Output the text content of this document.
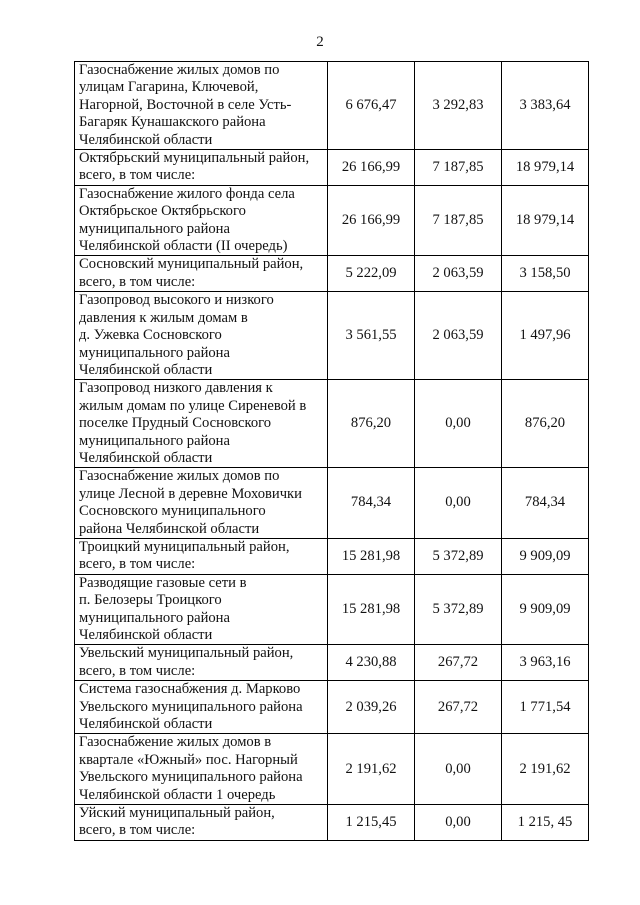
2
Газоснабжение жилых домов по
улицам Гагарина, Ключевой,
Нагорной, Восточной в селе Усть-
Багаряк Кунашакского района
Челябинской области	6 676,47	3 292,83	3 383,64

Октябрьский муниципальный район,
всего, в том числе:	26 166,99	7 187,85	18 979,14

Газоснабжение жилого фонда села
Октябрьское Октябрьского
муниципального района
Челябинской области (II очередь)	26 166,99	7 187,85	18 979,14

Сосновский муниципальный район,
всего, в том числе:	5 222,09	2 063,59	3 158,50

Газопровод высокого и низкого
давления к жилым домам в
д. Ужевка Сосновского
муниципального района
Челябинской области	3 561,55	2 063,59	1 497,96

Газопровод низкого давления к
жилым домам по улице Сиреневой в
поселке Прудный Сосновского
муниципального района
Челябинской области	876,20	0,00	876,20

Газоснабжение жилых домов по
улице Лесной в деревне Моховички
Сосновского муниципального
района Челябинской области	784,34	0,00	784,34

Троицкий муниципальный район,
всего, в том числе:	15 281,98	5 372,89	9 909,09

Разводящие газовые сети в
п. Белозеры Троицкого
муниципального района
Челябинской области	15 281,98	5 372,89	9 909,09

Увельский муниципальный район,
всего, в том числе:	4 230,88	267,72	3 963,16

Система газоснабжения д. Марково
Увельского муниципального района
Челябинской области	2 039,26	267,72	1 771,54

Газоснабжение жилых домов в
квартале «Южный» пос. Нагорный
Увельского муниципального района
Челябинской области 1 очередь	2 191,62	0,00	2 191,62

Уйский муниципальный район,
всего, в том числе:	1 215,45	0,00	1 215, 45
